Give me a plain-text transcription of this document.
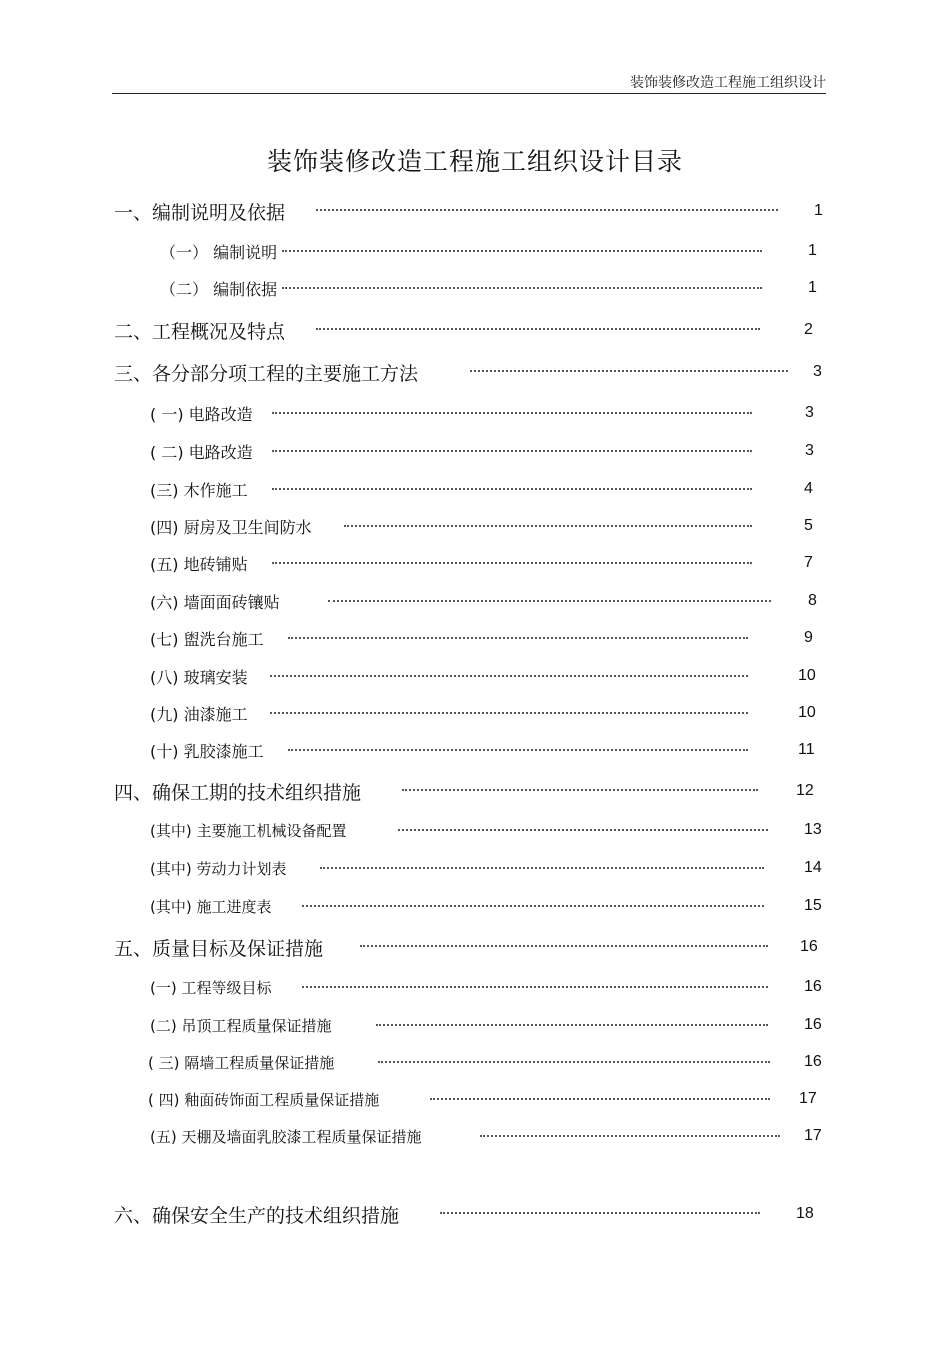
装饰装修改造工程施工组织设计
装饰装修改造工程施工组织设计目录
一、编制说明及依据	1
（一） 编制说明	1
（二） 编制依据	1
二、工程概况及特点	2
三、各分部分项工程的主要施工方法	3
( 一) 电路改造	3
( 二) 电路改造	3
(三) 木作施工	4
(四) 厨房及卫生间防水	5
(五) 地砖铺贴	7
(六) 墙面面砖镶贴	8
(七) 盥洗台施工	9
(八) 玻璃安装	10
(九) 油漆施工	10
(十) 乳胶漆施工	11
四、确保工期的技术组织措施	12
(其中) 主要施工机械设备配置	13
(其中) 劳动力计划表	14
(其中) 施工进度表	15
五、质量目标及保证措施	16
(一) 工程等级目标	16
(二) 吊顶工程质量保证措施	16
( 三) 隔墙工程质量保证措施	16
( 四) 釉面砖饰面工程质量保证措施	17
(五) 天棚及墙面乳胶漆工程质量保证措施	17
六、确保安全生产的技术组织措施	18
